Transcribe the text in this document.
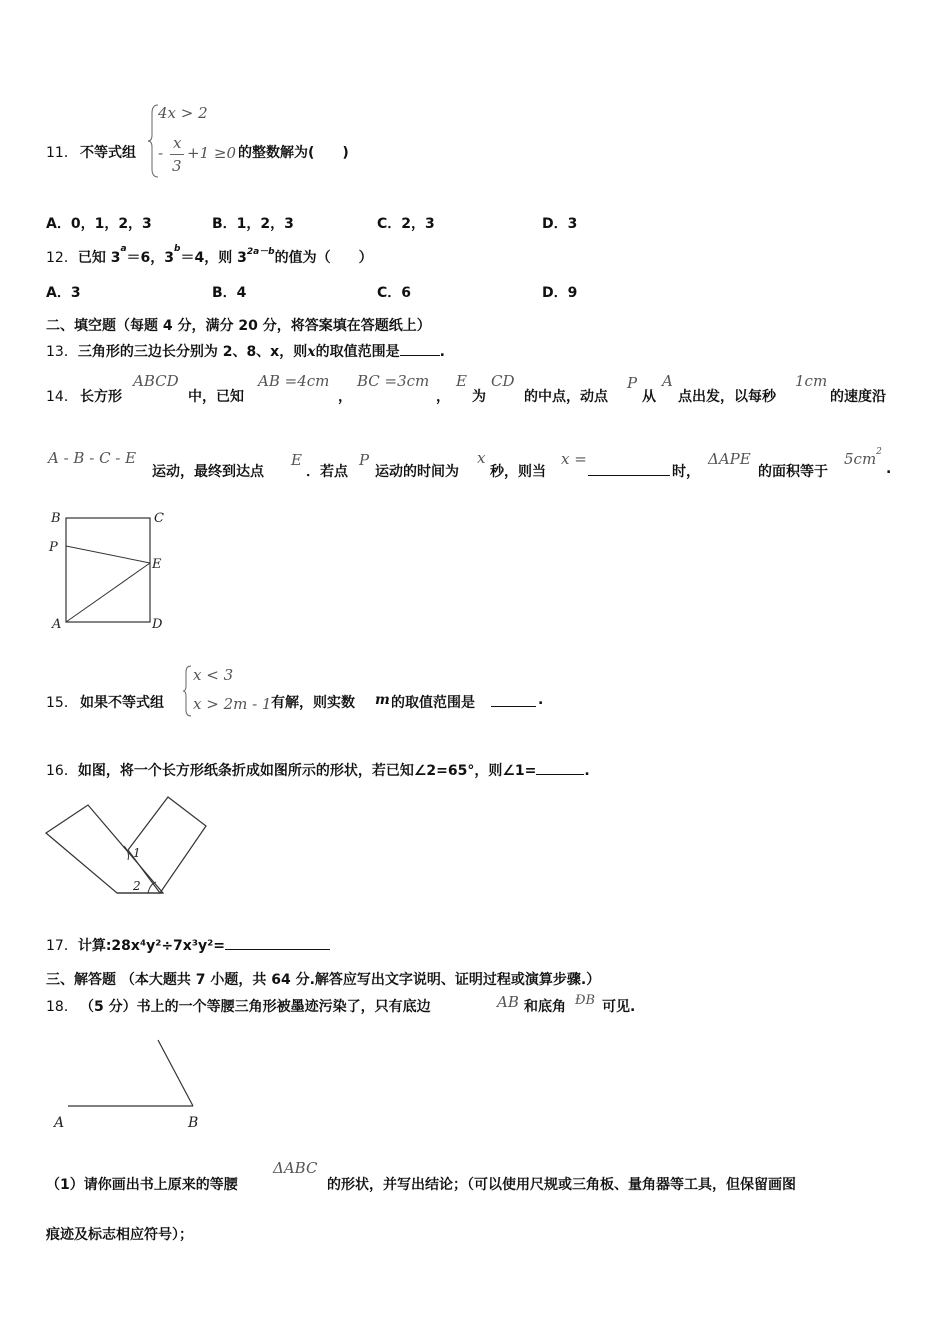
11． 不等式组
4x > 2
-
x
3
+1 ≥0 的整数解为(　　)
A．0，1，2，3	B．1，2，3	C．2，3	D．3
12．已知 $3^a=6$，$3^b=4$，则 $3^{2a-b}$的值为（　　）
A．3	B．4	C．6	D．9
二、填空题（每题 4 分，满分 20 分，将答案填在答题纸上）
13．三角形的三边长分别为 2、8、x，则x的取值范围是	.
14． 长方形
ABCD
中，已知
AB =4cm
，
BC =3cm
，
E
为
CD
的中点，动点
P
从
A
点出发，以每秒
1cm
的速度沿
A - B - C - E
运动，最终到达点
E
．若点
P
运动的时间为
x
秒，则当
x =
时，
ΔAPE
的面积等于
$5cm^2$
.
B	C
P
E
A	D
15． 如果不等式组
x < 3
x > 2m - 1 有解，则实数 m 的取值范围是	.
16．如图，将一个长方形纸条折成如图所示的形状，若已知∠2=65°，则∠1=	.
1
2
17．计算:28x⁴y²÷7x³y²=
三、解答题 （本大题共 7 小题，共 64 分.解答应写出文字说明、证明过程或演算步骤.）
18． （5 分）书上的一个等腰三角形被墨迹污染了，只有底边	AB 和底角 ÐB 可见.
A	B
（1）请你画出书上原来的等腰
ΔABC
的形状，并写出结论；（可以使用尺规或三角板、量角器等工具，但保留画图
痕迹及标志相应符号）；
